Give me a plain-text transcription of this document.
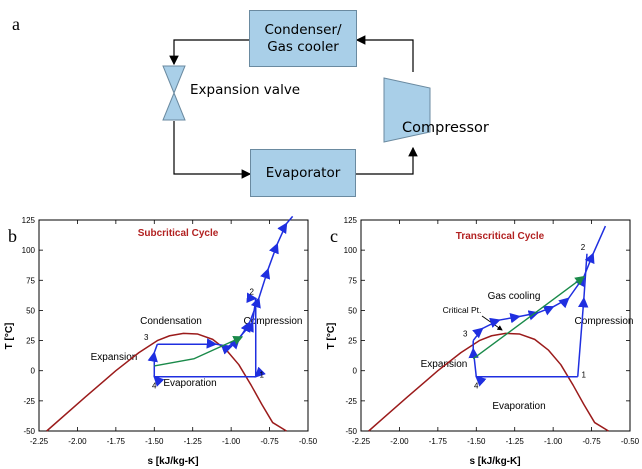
a	Condenser/
Gas cooler
Evaporator
Expansion valve
Compressor
b	Subcritical Cycle
T [°C]
s [kJ/kg-K]
Condensation	Compression
Expansion
Evaporation
-2.25	-2.00	-1.75	-1.50	-1.25	-1.00	-0.75	-0.50
-50
-25
0
25
50
75
100
125
1
2
3
4
c	Transcritical Cycle
T [°C]
s [kJ/kg-K]
Gas cooling
Critical Pt.
Compression
Expansion
Evaporation
-2.25	-2.00	-1.75	-1.50	-1.25	-1.00	-0.75	-0.50
-50
-25
0
25
50
75
100
125
1
2
3
4
